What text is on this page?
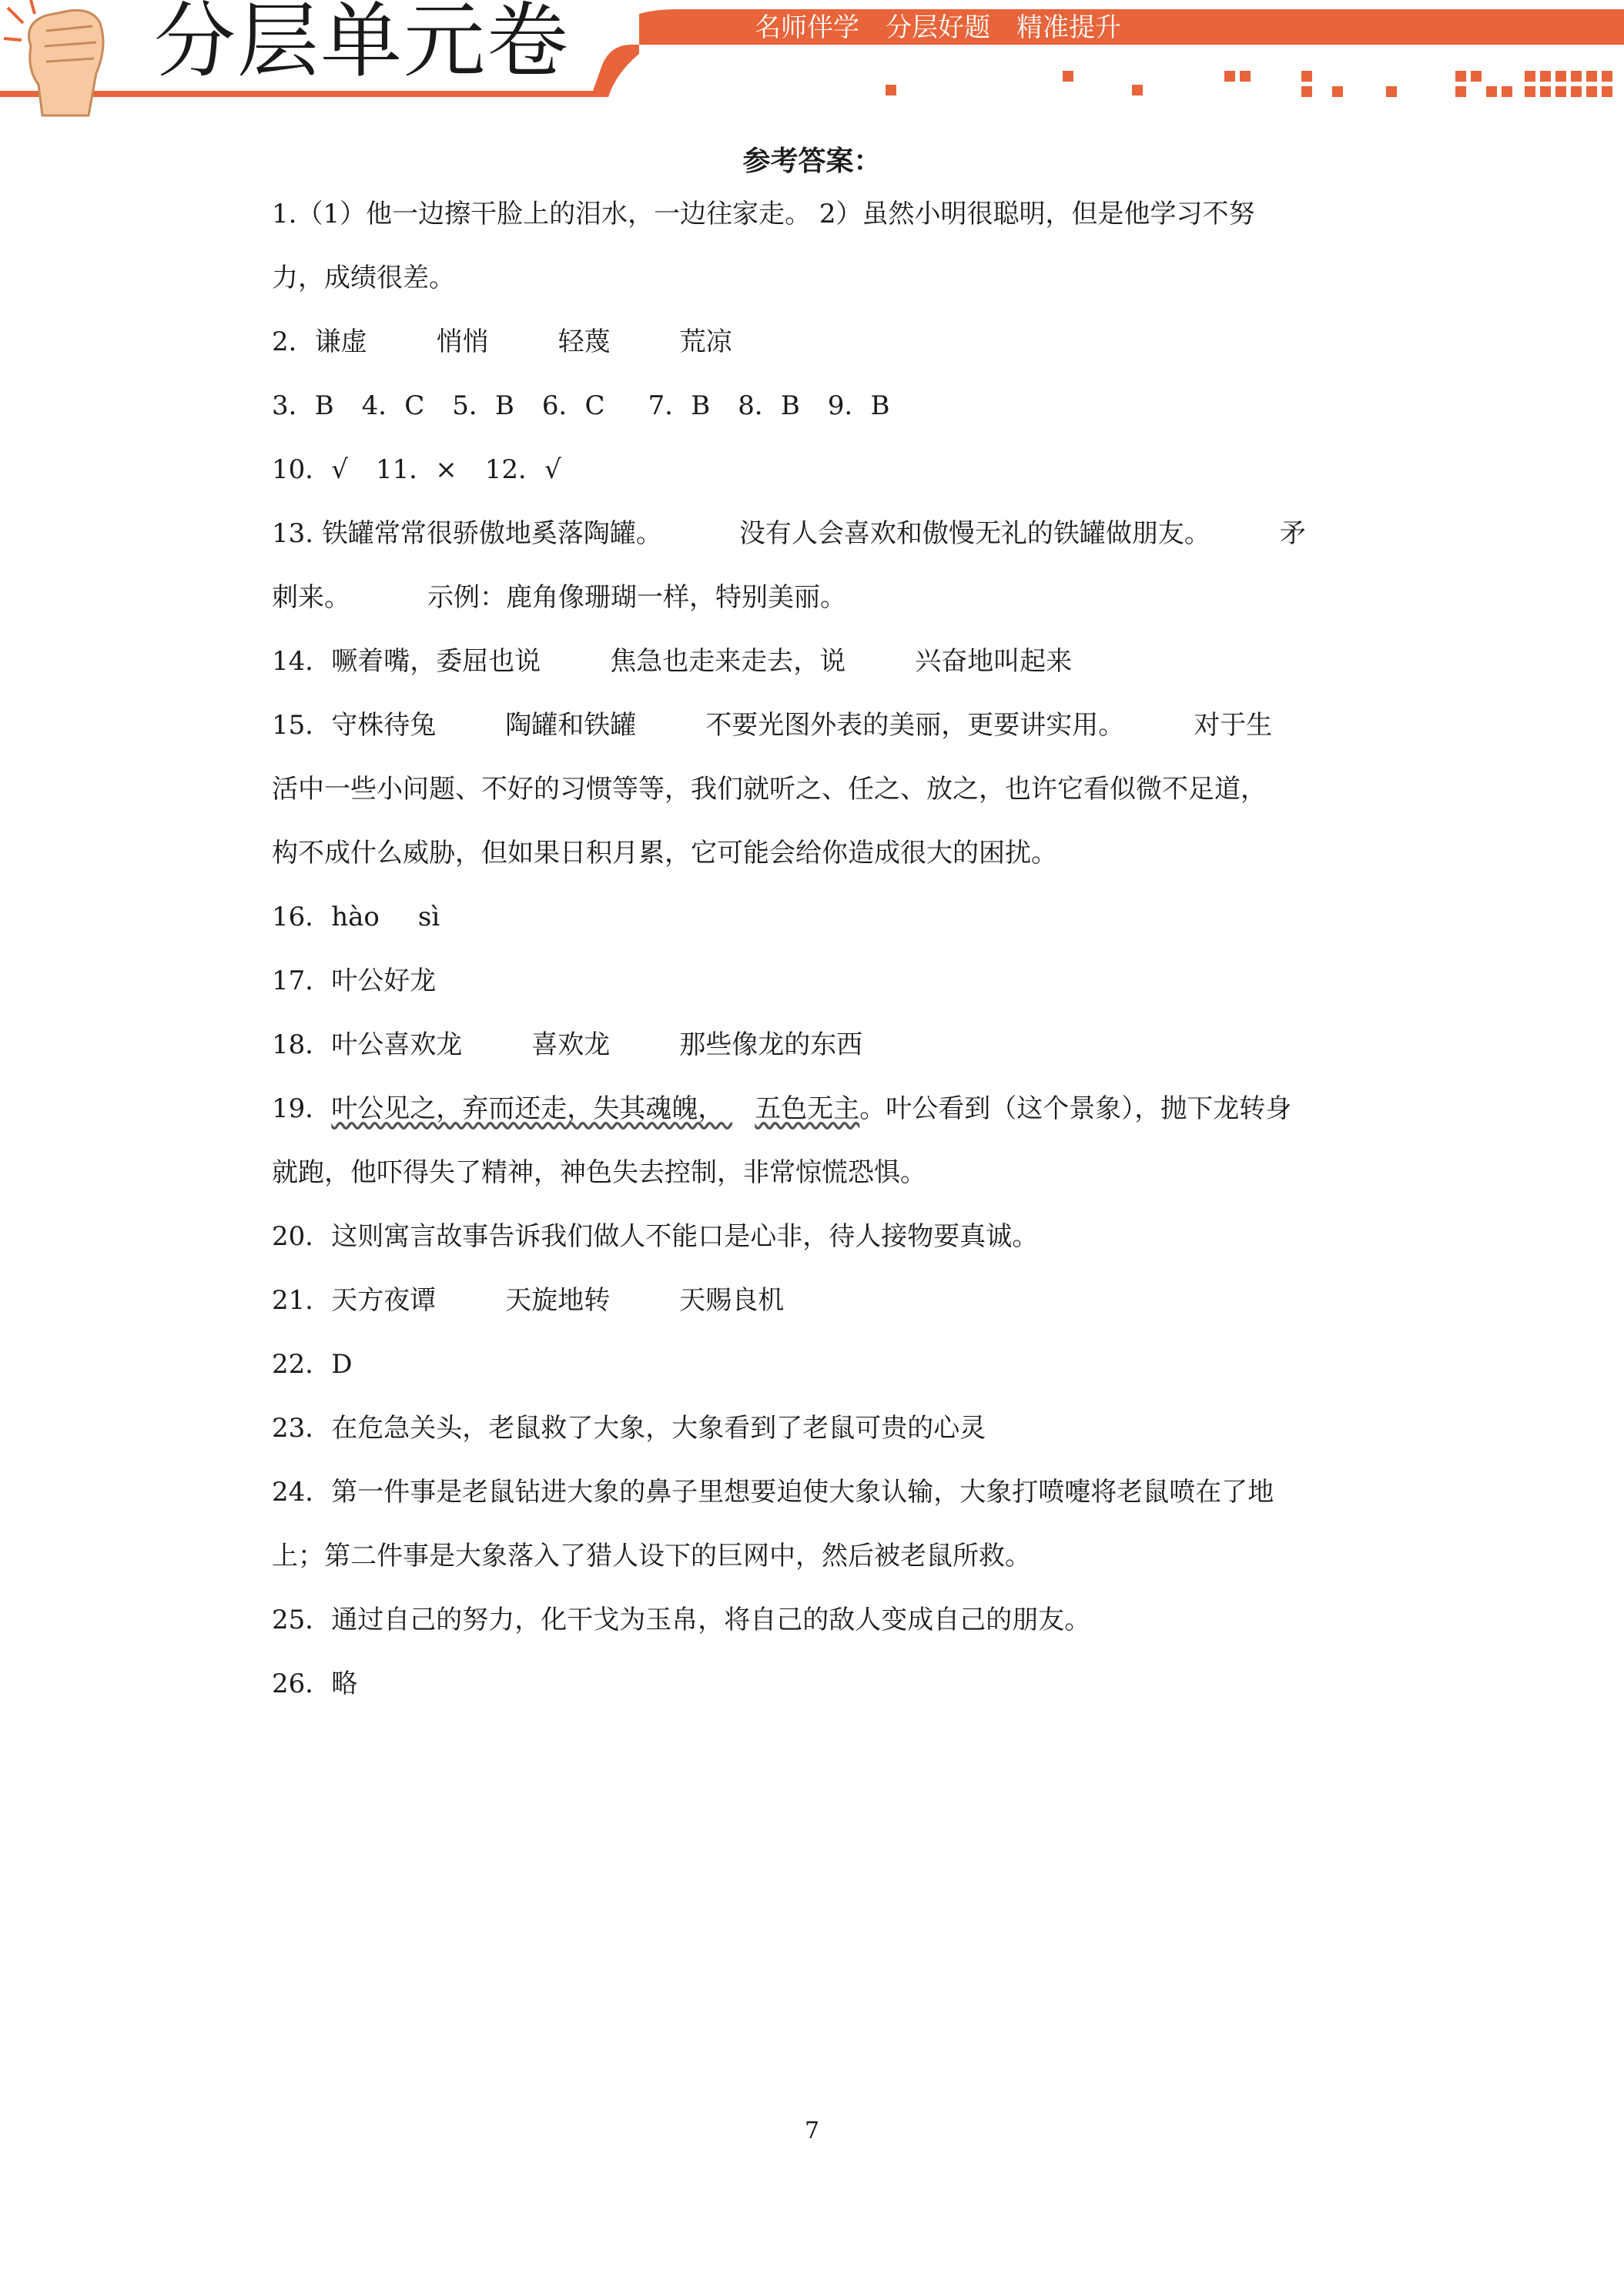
分层单元卷	名师伴学　分层好题　精准提升
参考答案：
1.（1）他一边擦干脸上的泪水，一边往家走。 2）虽然小明很聪明，但是他学习不努
力，成绩很差。
2．谦虚	悄悄	轻蔑	荒凉
3．B 4．C 5．B 6．C 7．B 8．B 9．B
10．√ 11．× 12．√
13. 铁罐常常很骄傲地奚落陶罐。	没有人会喜欢和傲慢无礼的铁罐做朋友。	矛
刺来。	示例：鹿角像珊瑚一样，特别美丽。
14．噘着嘴，委屈也说	焦急也走来走去，说	兴奋地叫起来
15．守株待兔	陶罐和铁罐	不要光图外表的美丽，更要讲实用。	对于生
活中一些小问题、不好的习惯等等，我们就听之、任之、放之，也许它看似微不足道，
构不成什么威胁，但如果日积月累，它可能会给你造成很大的困扰。
16．hào sì
17．叶公好龙
18．叶公喜欢龙	喜欢龙	那些像龙的东西
19．叶公见之，弃而还走，失其魂魄， 五色无主。叶公看到（这个景象），抛下龙转身
就跑，他吓得失了精神，神色失去控制，非常惊慌恐惧。
20．这则寓言故事告诉我们做人不能口是心非，待人接物要真诚。
21．天方夜谭	天旋地转	天赐良机
22．D
23．在危急关头，老鼠救了大象，大象看到了老鼠可贵的心灵
24．第一件事是老鼠钻进大象的鼻子里想要迫使大象认输，大象打喷嚏将老鼠喷在了地
上；第二件事是大象落入了猎人设下的巨网中，然后被老鼠所救。
25．通过自己的努力，化干戈为玉帛，将自己的敌人变成自己的朋友。
26．略
7
